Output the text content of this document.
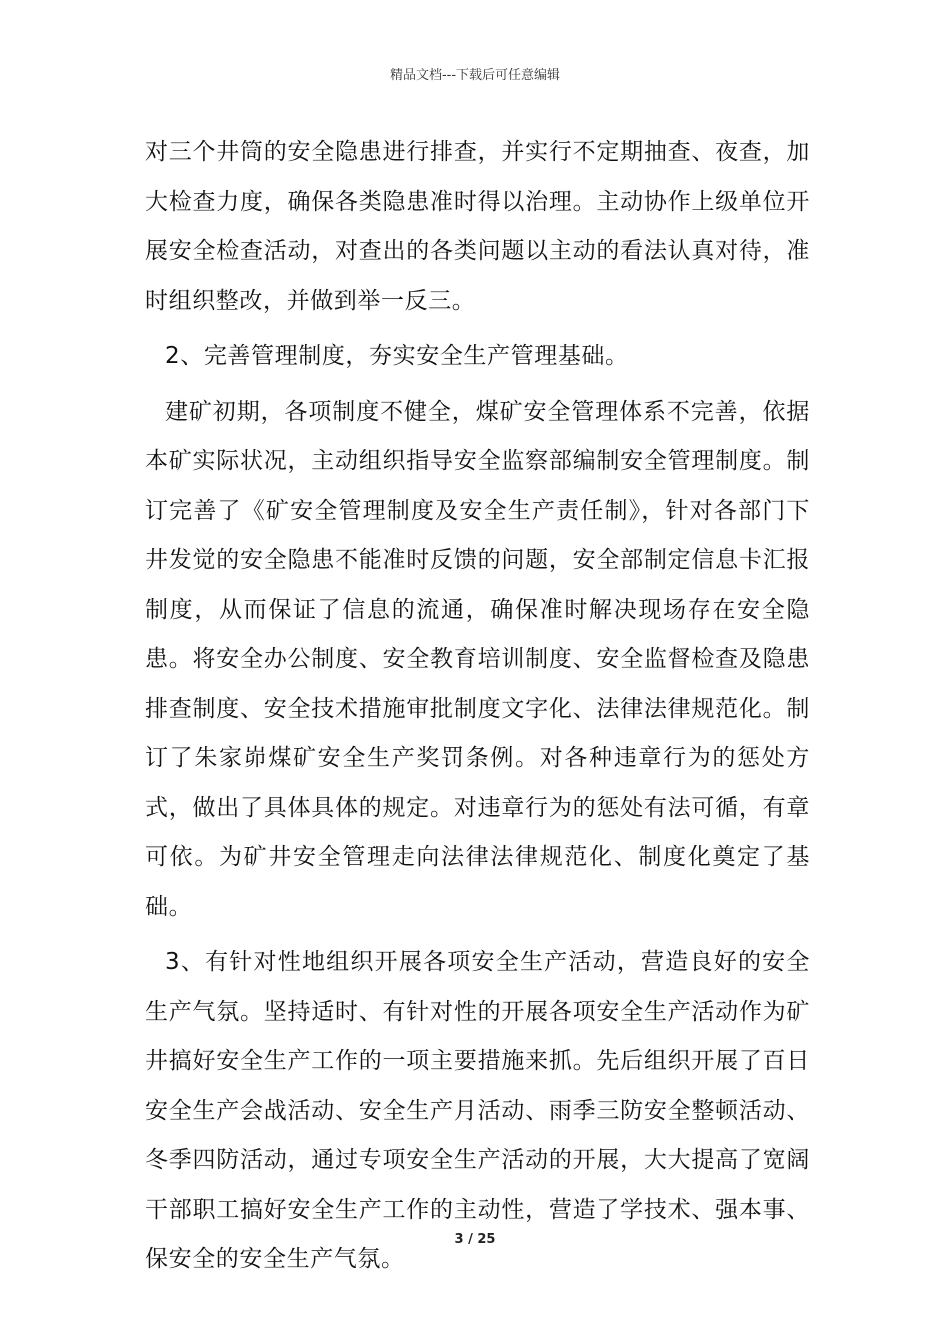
精品文档---下载后可任意编辑

对三个井筒的安全隐患进行排查，并实行不定期抽查、夜查，加大检查力度，确保各类隐患准时得以治理。主动协作上级单位开展安全检查活动，对查出的各类问题以主动的看法认真对待，准时组织整改，并做到举一反三。

2、完善管理制度，夯实安全生产管理基础。

建矿初期，各项制度不健全，煤矿安全管理体系不完善，依据本矿实际状况，主动组织指导安全监察部编制安全管理制度。制订完善了《矿安全管理制度及安全生产责任制》，针对各部门下井发觉的安全隐患不能准时反馈的问题，安全部制定信息卡汇报制度，从而保证了信息的流通，确保准时解决现场存在安全隐患。将安全办公制度、安全教育培训制度、安全监督检查及隐患排查制度、安全技术措施审批制度文字化、法律法律规范化。制订了朱家峁煤矿安全生产奖罚条例。对各种违章行为的惩处方式，做出了具体具体的规定。对违章行为的惩处有法可循，有章可依。为矿井安全管理走向法律法律规范化、制度化奠定了基础。

3、有针对性地组织开展各项安全生产活动，营造良好的安全生产气氛。坚持适时、有针对性的开展各项安全生产活动作为矿井搞好安全生产工作的一项主要措施来抓。先后组织开展了百日安全生产会战活动、安全生产月活动、雨季三防安全整顿活动、冬季四防活动，通过专项安全生产活动的开展，大大提高了宽阔干部职工搞好安全生产工作的主动性，营造了学技术、强本事、保安全的安全生产气氛。

3 / 25
